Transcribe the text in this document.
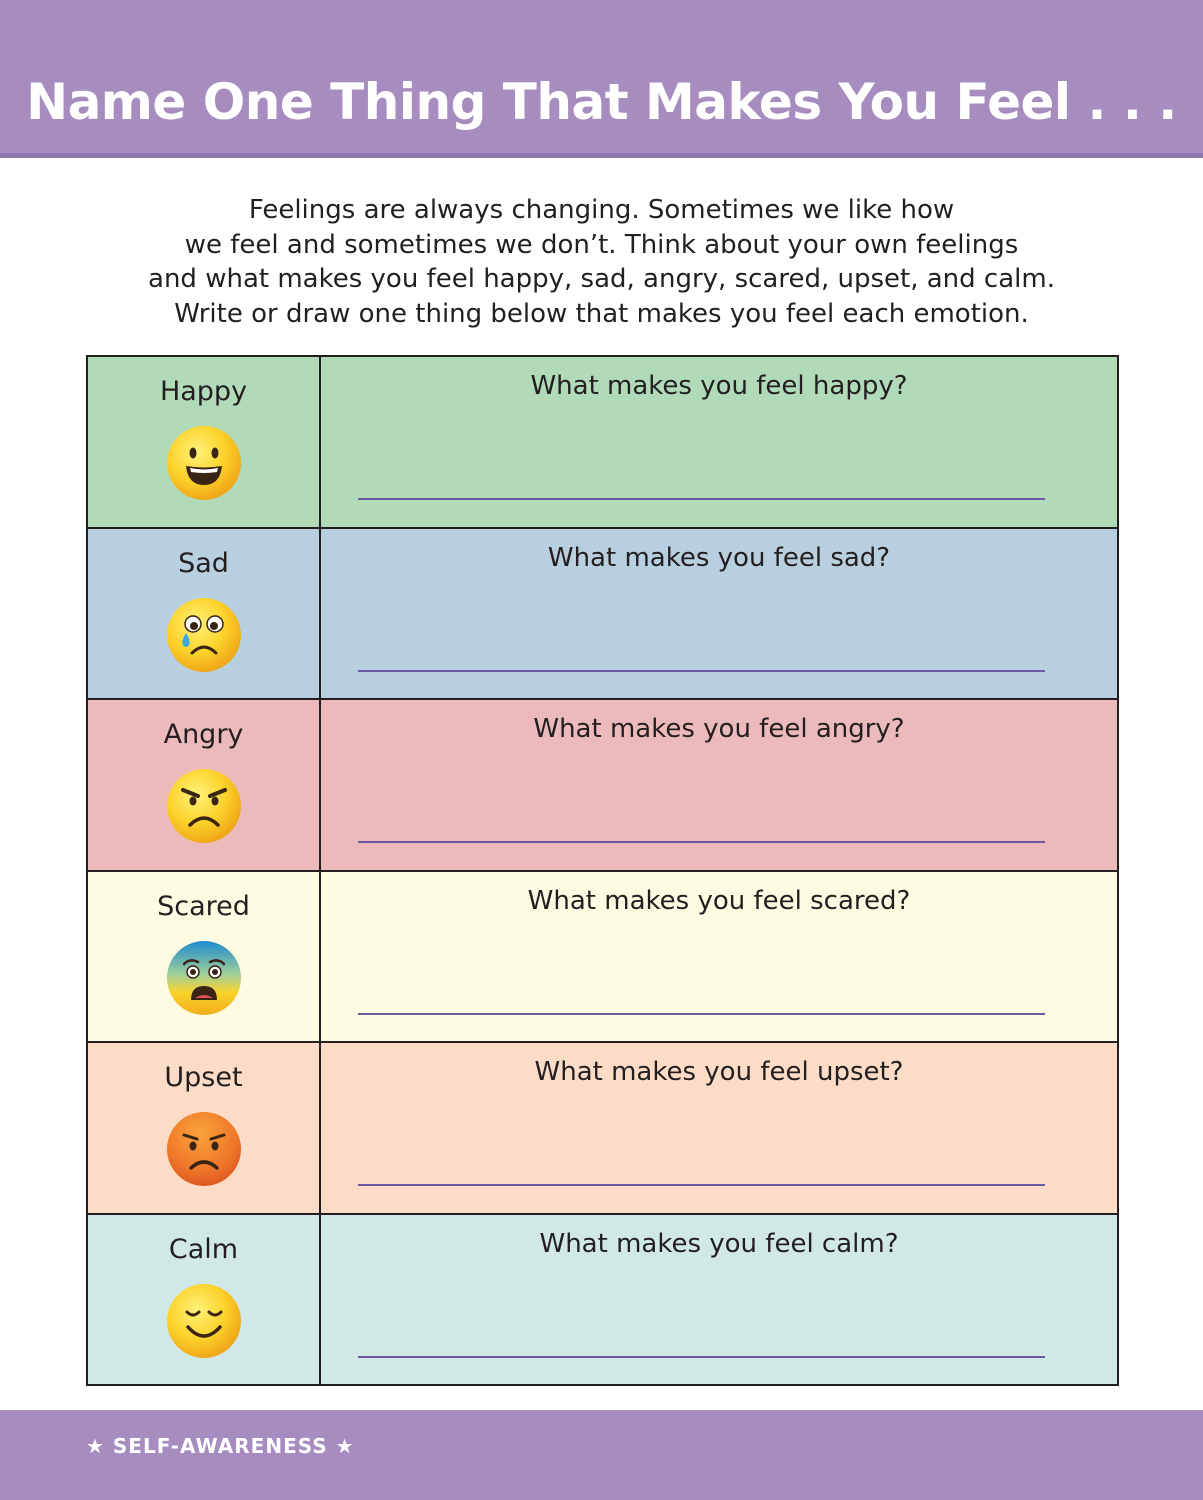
Name One Thing That Makes You Feel . . .
Feelings are always changing. Sometimes we like how
we feel and sometimes we don’t. Think about your own feelings
and what makes you feel happy, sad, angry, scared, upset, and calm.
Write or draw one thing below that makes you feel each emotion.
Happy	What makes you feel happy?

Sad	What makes you feel sad?

Angry	What makes you feel angry?

Scared	What makes you feel scared?

Upset	What makes you feel upset?

Calm	What makes you feel calm?
★ SELF-AWARENESS ★
